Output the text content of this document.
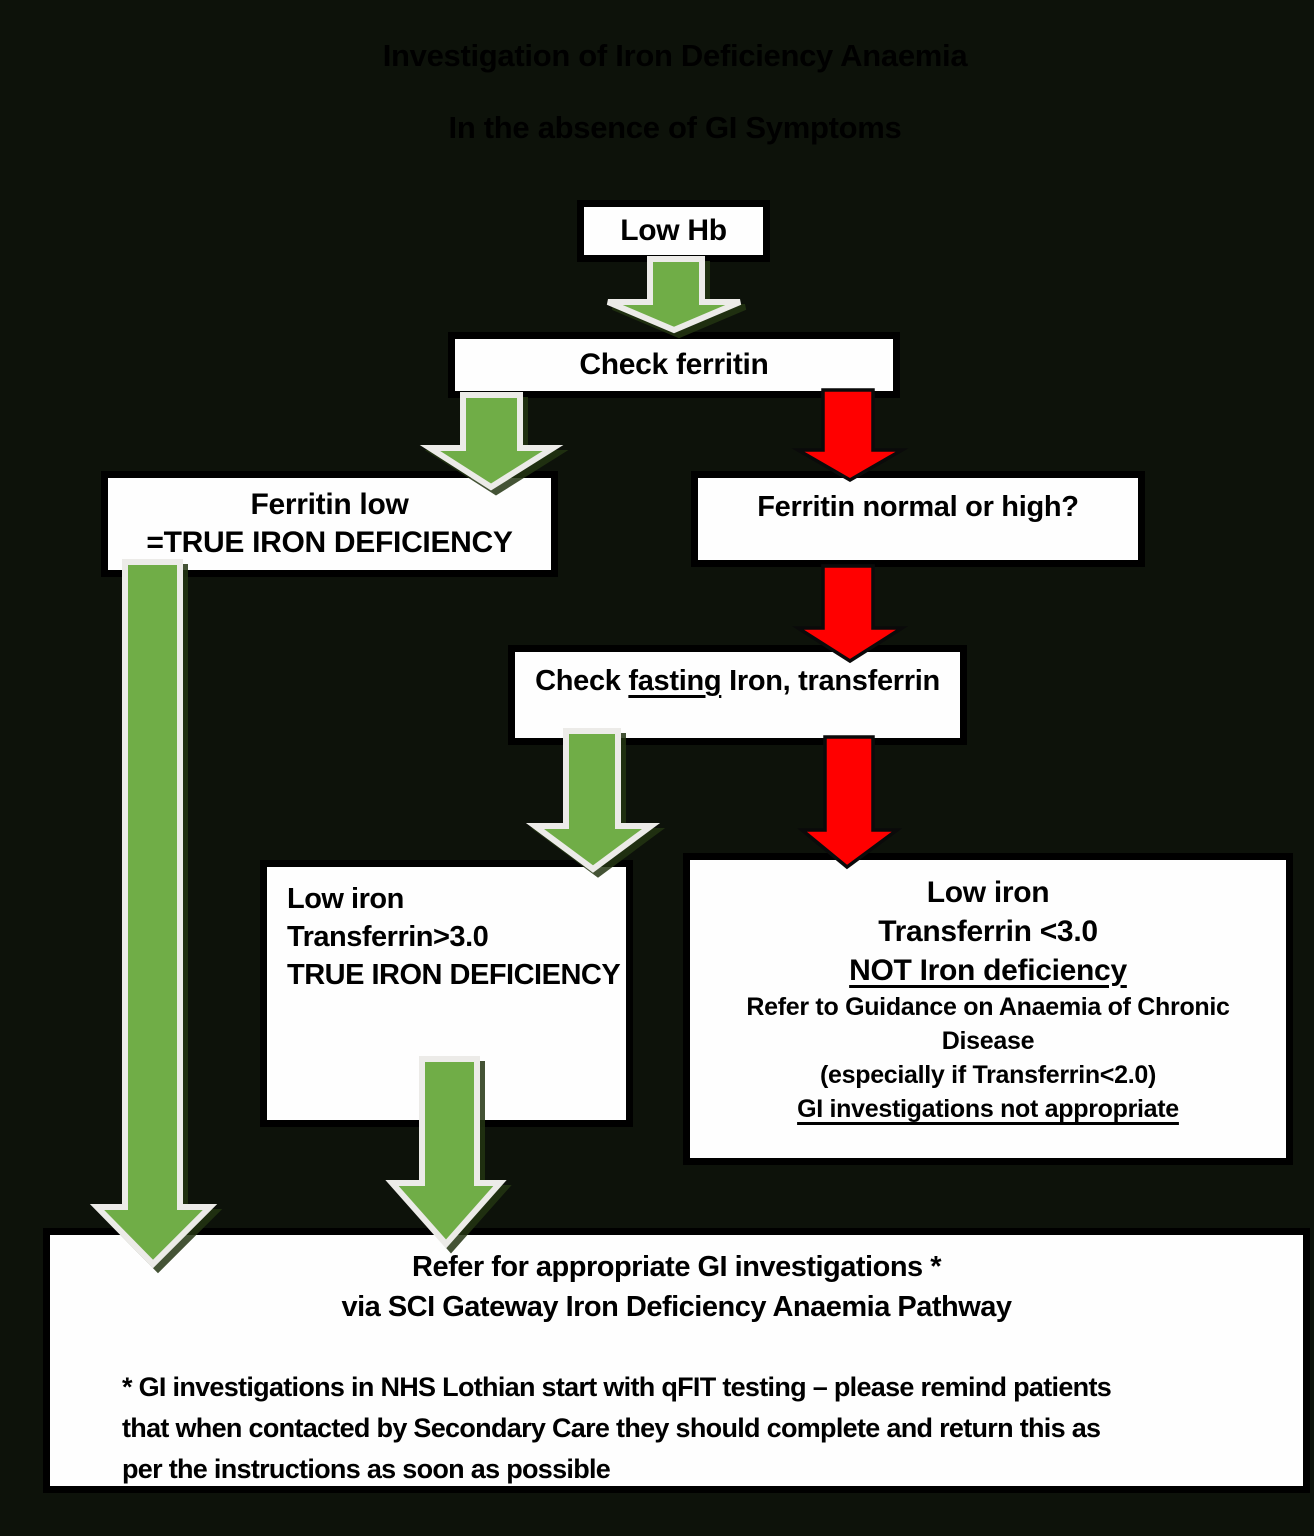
Investigation of Iron Deficiency Anaemia
In the absence of GI Symptoms
Low Hb
Check ferritin
Ferritin low
=TRUE IRON DEFICIENCY
Ferritin normal or high?
Check fasting Iron, transferrin
Low iron
Transferrin>3.0
TRUE IRON DEFICIENCY
Low iron
Transferrin <3.0
NOT Iron deficiency
Refer to Guidance on Anaemia of Chronic
Disease
(especially if Transferrin<2.0)
GI investigations not appropriate
Refer for appropriate GI investigations *
via SCI Gateway Iron Deficiency Anaemia Pathway
* GI investigations in NHS Lothian start with qFIT testing – please remind patients
that when contacted by Secondary Care they should complete and return this as
per the instructions as soon as possible
